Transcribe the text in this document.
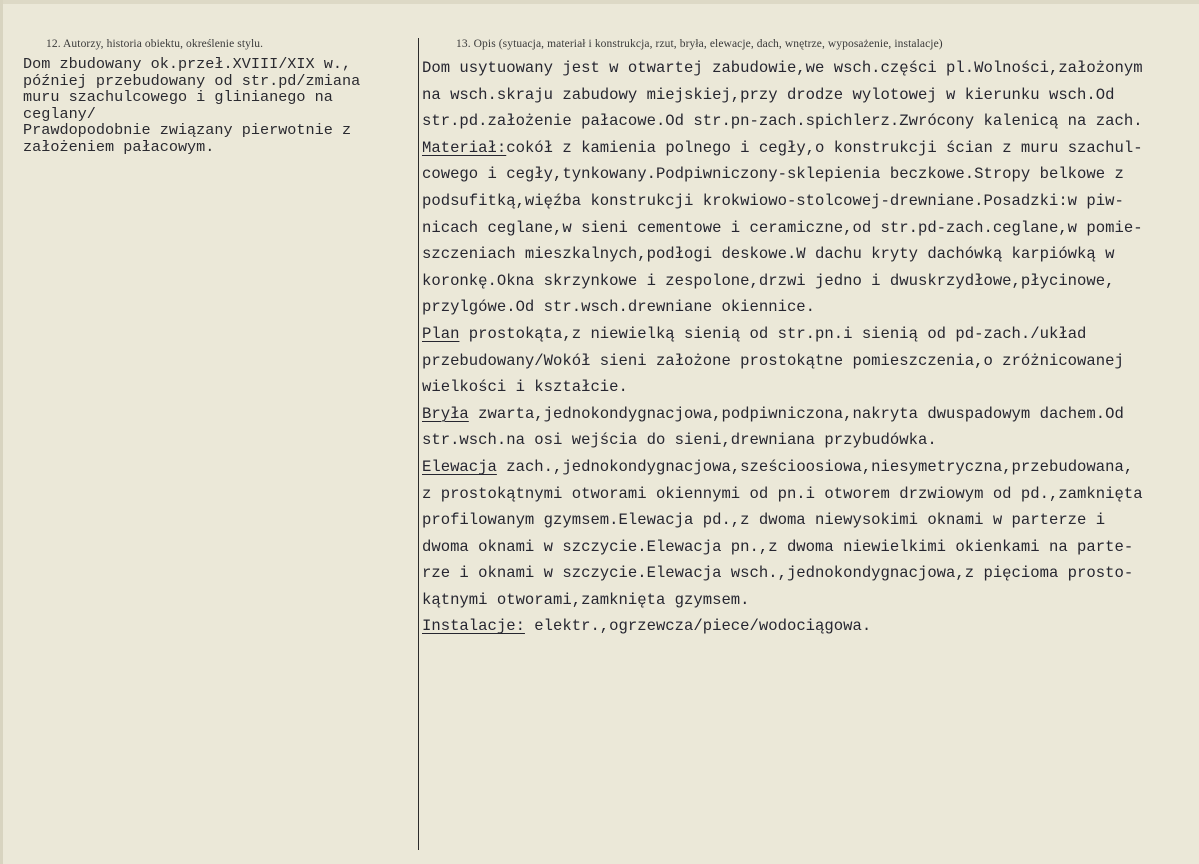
12. Autorzy, historia obiektu, określenie stylu.	13. Opis (sytuacja, materiał i konstrukcja, rzut, bryła, elewacje, dach, wnętrze, wyposażenie, instalacje)
Dom zbudowany ok.przeł.XVIII/XIX w.,
później przebudowany od str.pd/zmiana
muru szachulcowego i glinianego na
ceglany/
Prawdopodobnie związany pierwotnie z
założeniem pałacowym.
Dom usytuowany jest w otwartej zabudowie,we wsch.części pl.Wolności,założonym
na wsch.skraju zabudowy miejskiej,przy drodze wylotowej w kierunku wsch.Od
str.pd.założenie pałacowe.Od str.pn-zach.spichlerz.Zwrócony kalenicą na zach.
Materiał:cokół z kamienia polnego i cegły,o konstrukcji ścian z muru szachul-
cowego i cegły,tynkowany.Podpiwniczony-sklepienia beczkowe.Stropy belkowe z
podsufitką,więźba konstrukcji krokwiowo-stolcowej-drewniane.Posadzki:w piw-
nicach ceglane,w sieni cementowe i ceramiczne,od str.pd-zach.ceglane,w pomie-
szczeniach mieszkalnych,podłogi deskowe.W dachu kryty dachówką karpiówką w
koronkę.Okna skrzynkowe i zespolone,drzwi jedno i dwuskrzydłowe,płycinowe,
przylgówe.Od str.wsch.drewniane okiennice.
Plan prostokąta,z niewielką sienią od str.pn.i sienią od pd-zach./układ
przebudowany/Wokół sieni założone prostokątne pomieszczenia,o zróżnicowanej
wielkości i kształcie.
Bryła zwarta,jednokondygnacjowa,podpiwniczona,nakryta dwuspadowym dachem.Od
str.wsch.na osi wejścia do sieni,drewniana przybudówka.
Elewacja zach.,jednokondygnacjowa,sześcioosiowa,niesymetryczna,przebudowana,
z prostokątnymi otworami okiennymi od pn.i otworem drzwiowym od pd.,zamknięta
profilowanym gzymsem.Elewacja pd.,z dwoma niewysokimi oknami w parterze i
dwoma oknami w szczycie.Elewacja pn.,z dwoma niewielkimi okienkami na parte-
rze i oknami w szczycie.Elewacja wsch.,jednokondygnacjowa,z pięcioma prosto-
kątnymi otworami,zamknięta gzymsem.
Instalacje: elektr.,ogrzewcza/piece/wodociągowa.
